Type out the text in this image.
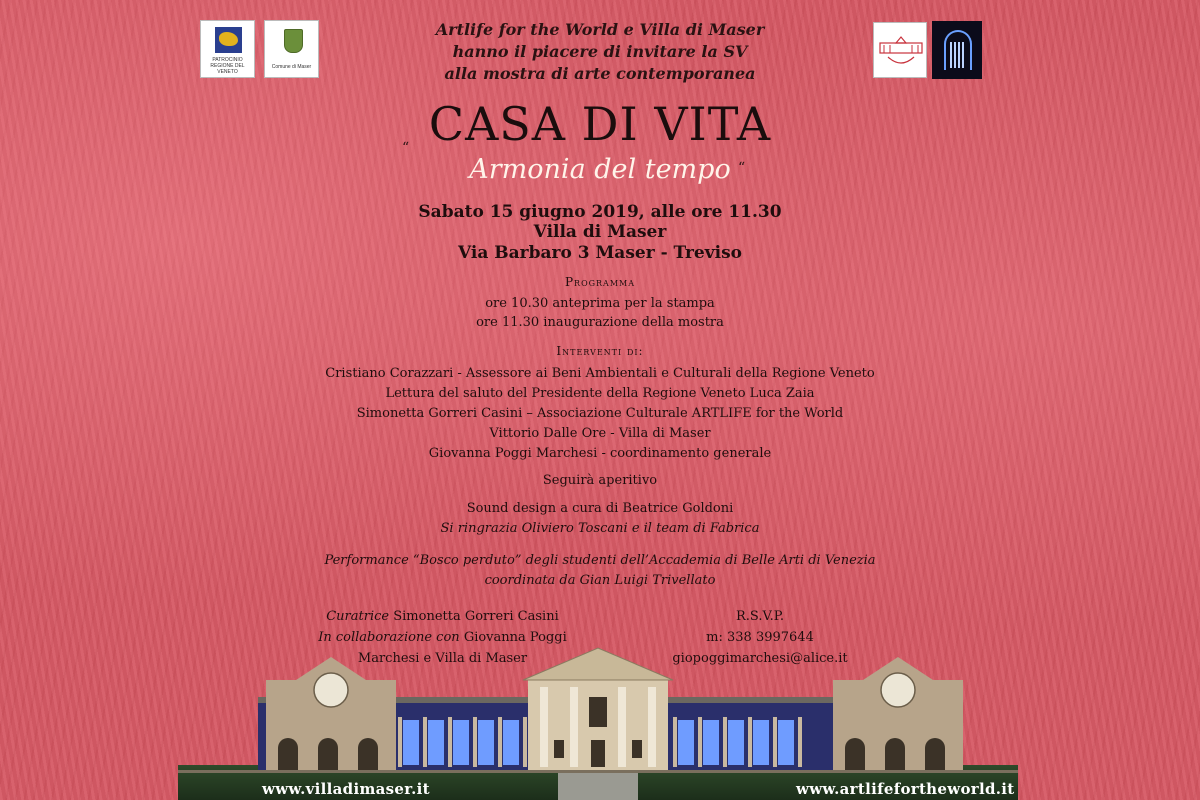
PATROCINIO REGIONE DEL VENETO
Comune di Maser
Artlife for the World e Villa di Maser
hanno il piacere di invitare la SV
alla mostra di arte contemporanea
CASA DI VITA
“
Armonia del tempo “
Sabato 15 giugno 2019, alle ore 11.30
Villa di Maser
Via Barbaro 3 Maser - Treviso
Programma
ore 10.30 anteprima per la stampa
ore 11.30 inaugurazione della mostra
Interventi di:
Cristiano Corazzari - Assessore ai Beni Ambientali e Culturali della Regione Veneto
Lettura del saluto del Presidente della Regione Veneto Luca Zaia
Simonetta Gorreri Casini – Associazione Culturale ARTLIFE for the World
Vittorio Dalle Ore - Villa di Maser
Giovanna Poggi Marchesi - coordinamento generale
Seguirà aperitivo
Sound design a cura di Beatrice Goldoni
Si ringrazia Oliviero Toscani e il team di Fabrica
Performance “Bosco perduto” degli studenti dell’Accademia di Belle Arti di Venezia
coordinata da Gian Luigi Trivellato
Curatrice Simonetta Gorreri Casini
In collaborazione con Giovanna Poggi
Marchesi e Villa di Maser
R.S.V.P.
m: 338 3997644
giopoggimarchesi@alice.it
www.villadimaser.it	www.artlifefortheworld.it
